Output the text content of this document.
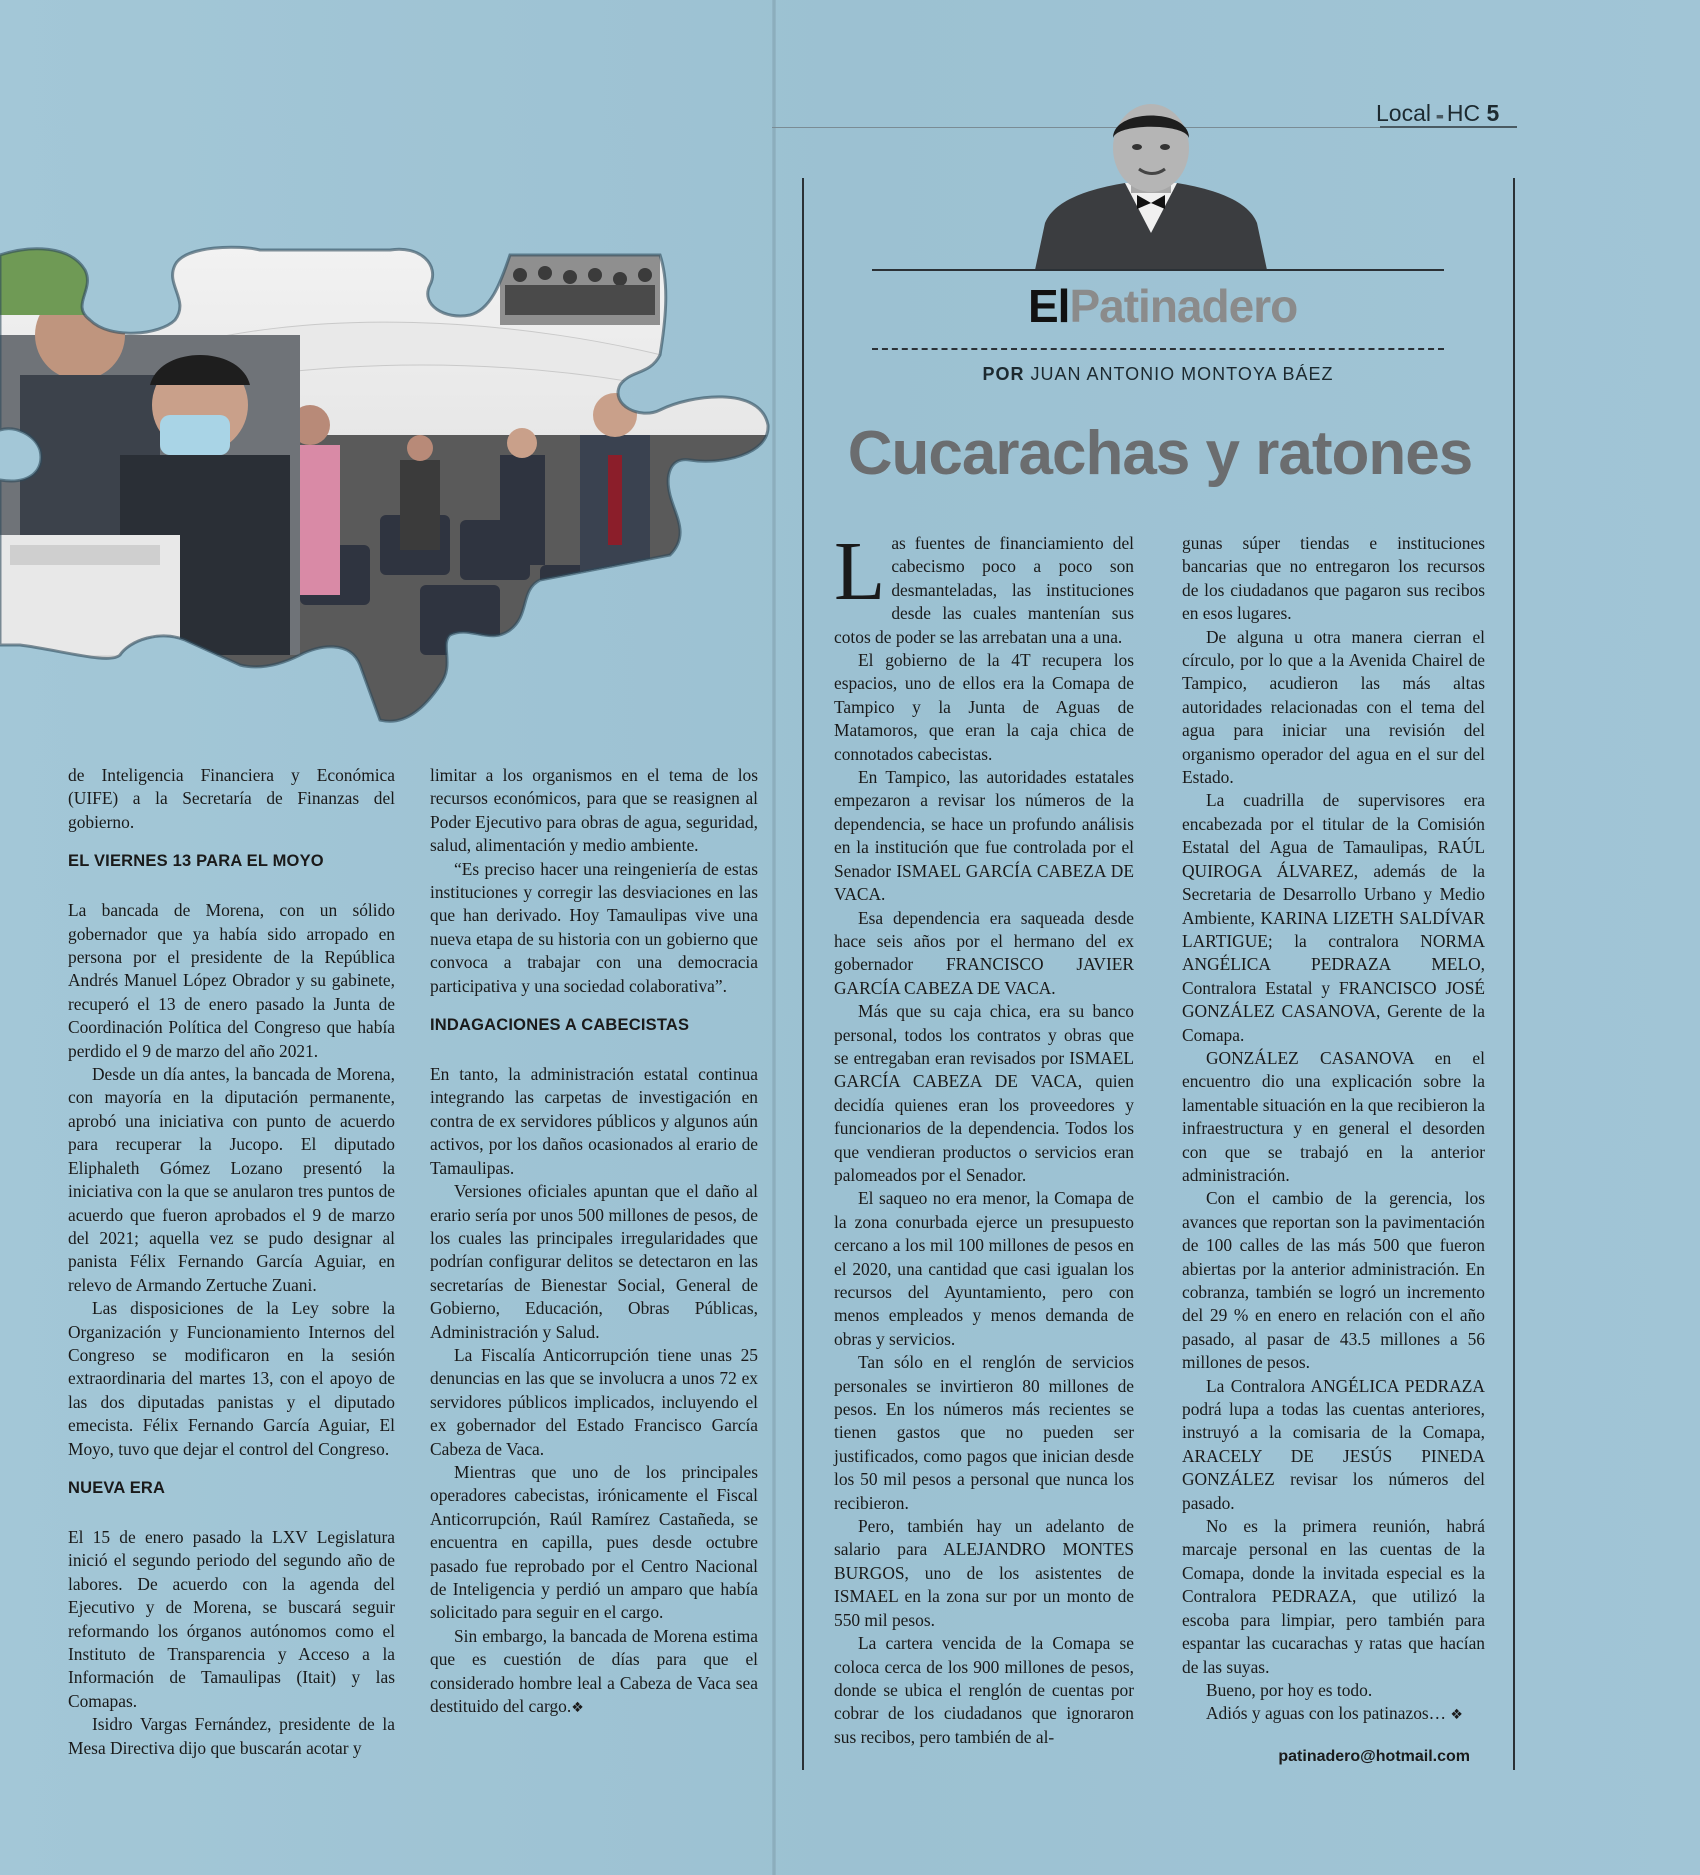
de Inteligencia Financiera y Económica (UIFE) a la Secretaría de Finanzas del gobierno.

EL VIERNES 13 PARA EL MOYO

La bancada de Morena, con un sólido gobernador que ya había sido arropado en persona por el presidente de la República Andrés Manuel López Obrador y su gabinete, recuperó el 13 de enero pasado la Junta de Coordinación Política del Congreso que había perdido el 9 de marzo del año 2021.

Desde un día antes, la bancada de Morena, con mayoría en la diputación permanente, aprobó una iniciativa con punto de acuerdo para recuperar la Jucopo. El diputado Eliphaleth Gómez Lozano presentó la iniciativa con la que se anularon tres puntos de acuerdo que fueron aprobados el 9 de marzo del 2021; aquella vez se pudo designar al panista Félix Fernando García Aguiar, en relevo de Armando Zertuche Zuani.

Las disposiciones de la Ley sobre la Organización y Funcionamiento Internos del Congreso se modificaron en la sesión extraordinaria del martes 13, con el apoyo de las dos diputadas panistas y el diputado emecista. Félix Fernando García Aguiar, El Moyo, tuvo que dejar el control del Congreso.

NUEVA ERA

El 15 de enero pasado la LXV Legislatura inició el segundo periodo del segundo año de labores. De acuerdo con la agenda del Ejecutivo y de Morena, se buscará seguir reformando los órganos autónomos como el Instituto de Transparencia y Acceso a la Información de Tamaulipas (Itait) y las Comapas.

Isidro Vargas Fernández, presidente de la Mesa Directiva dijo que buscarán acotar y

limitar a los organismos en el tema de los recursos económicos, para que se reasignen al Poder Ejecutivo para obras de agua, seguridad, salud, alimentación y medio ambiente.

“Es preciso hacer una reingeniería de estas instituciones y corregir las desviaciones en las que han derivado. Hoy Tamaulipas vive una nueva etapa de su historia con un gobierno que convoca a trabajar con una democracia participativa y una sociedad colaborativa”.

INDAGACIONES A CABECISTAS

En tanto, la administración estatal continua integrando las carpetas de investigación en contra de ex servidores públicos y algunos aún activos, por los daños ocasionados al erario de Tamaulipas.

Versiones oficiales apuntan que el daño al erario sería por unos 500 millones de pesos, de los cuales las principales irregularidades que podrían configurar delitos se detectaron en las secretarías de Bienestar Social, General de Gobierno, Educación, Obras Públicas, Administración y Salud.

La Fiscalía Anticorrupción tiene unas 25 denuncias en las que se involucra a unos 72 ex servidores públicos implicados, incluyendo el ex gobernador del Estado Francisco García Cabeza de Vaca.

Mientras que uno de los principales operadores cabecistas, irónicamente el Fiscal Anticorrupción, Raúl Ramírez Castañeda, se encuentra en capilla, pues desde octubre pasado fue reprobado por el Centro Nacional de Inteligencia y perdió un amparo que había solicitado para seguir en el cargo.

Sin embargo, la bancada de Morena estima que es cuestión de días para que el considerado hombre leal a Cabeza de Vaca sea destituido del cargo.❖

Local ▪▪ HC 5
ElPatinadero
POR JUAN ANTONIO MONTOYA BÁEZ
Cucarachas y ratones

Las fuentes de financiamiento del cabecismo poco a poco son desmanteladas, las instituciones desde las cuales mantenían sus cotos de poder se las arrebatan una a una.

El gobierno de la 4T recupera los espacios, uno de ellos era la Comapa de Tampico y la Junta de Aguas de Matamoros, que eran la caja chica de connotados cabecistas.

En Tampico, las autoridades estatales empezaron a revisar los números de la dependencia, se hace un profundo análisis en la institución que fue controlada por el Senador ISMAEL GARCÍA CABEZA DE VACA.

Esa dependencia era saqueada desde hace seis años por el hermano del ex gobernador FRANCISCO JAVIER GARCÍA CABEZA DE VACA.

Más que su caja chica, era su banco personal, todos los contratos y obras que se entregaban eran revisados por ISMAEL GARCÍA CABEZA DE VACA, quien decidía quienes eran los proveedores y funcionarios de la dependencia. Todos los que vendieran productos o servicios eran palomeados por el Senador.

El saqueo no era menor, la Comapa de la zona conurbada ejerce un presupuesto cercano a los mil 100 millones de pesos en el 2020, una cantidad que casi igualan los recursos del Ayuntamiento, pero con menos empleados y menos demanda de obras y servicios.

Tan sólo en el renglón de servicios personales se invirtieron 80 millones de pesos. En los números más recientes se tienen gastos que no pueden ser justificados, como pagos que inician desde los 50 mil pesos a personal que nunca los recibieron.

Pero, también hay un adelanto de salario para ALEJANDRO MONTES BURGOS, uno de los asistentes de ISMAEL en la zona sur por un monto de 550 mil pesos.

La cartera vencida de la Comapa se coloca cerca de los 900 millones de pesos, donde se ubica el renglón de cuentas por cobrar de los ciudadanos que ignoraron sus recibos, pero también de al-

gunas súper tiendas e instituciones bancarias que no entregaron los recursos de los ciudadanos que pagaron sus recibos en esos lugares.

De alguna u otra manera cierran el círculo, por lo que a la Avenida Chairel de Tampico, acudieron las más altas autoridades relacionadas con el tema del agua para iniciar una revisión del organismo operador del agua en el sur del Estado.

La cuadrilla de supervisores era encabezada por el titular de la Comisión Estatal del Agua de Tamaulipas, RAÚL QUIROGA ÁLVAREZ, además de la Secretaria de Desarrollo Urbano y Medio Ambiente, KARINA LIZETH SALDÍVAR LARTIGUE; la contralora NORMA ANGÉLICA PEDRAZA MELO, Contralora Estatal y FRANCISCO JOSÉ GONZÁLEZ CASANOVA, Gerente de la Comapa.

GONZÁLEZ CASANOVA en el encuentro dio una explicación sobre la lamentable situación en la que recibieron la infraestructura y en general el desorden con que se trabajó en la anterior administración.

Con el cambio de la gerencia, los avances que reportan son la pavimentación de 100 calles de las más 500 que fueron abiertas por la anterior administración. En cobranza, también se logró un incremento del 29 % en enero en relación con el año pasado, al pasar de 43.5 millones a 56 millones de pesos.

La Contralora ANGÉLICA PEDRAZA podrá lupa a todas las cuentas anteriores, instruyó a la comisaria de la Comapa, ARACELY DE JESÚS PINEDA GONZÁLEZ revisar los números del pasado.

No es la primera reunión, habrá marcaje personal en las cuentas de la Comapa, donde la invitada especial es la Contralora PEDRAZA, que utilizó la escoba para limpiar, pero también para espantar las cucarachas y ratas que hacían de las suyas.

Bueno, por hoy es todo.

Adiós y aguas con los patinazos… ❖

patinadero@hotmail.com
